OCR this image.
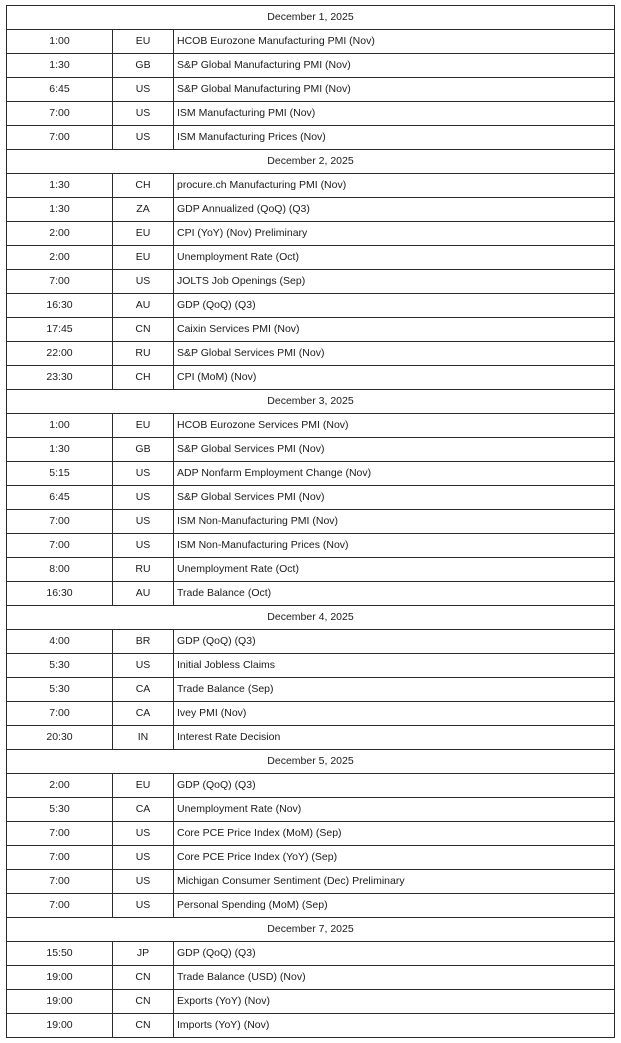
December 1, 2025		
1:00	EU	HCOB Eurozone Manufacturing PMI (Nov)
1:30	GB	S&P Global Manufacturing PMI (Nov)
6:45	US	S&P Global Manufacturing PMI (Nov)
7:00	US	ISM Manufacturing PMI (Nov)
7:00	US	ISM Manufacturing Prices (Nov)
December 2, 2025		
1:30	CH	procure.ch Manufacturing PMI (Nov)
1:30	ZA	GDP Annualized (QoQ) (Q3)
2:00	EU	CPI (YoY) (Nov) Preliminary
2:00	EU	Unemployment Rate (Oct)
7:00	US	JOLTS Job Openings (Sep)
16:30	AU	GDP (QoQ) (Q3)
17:45	CN	Caixin Services PMI (Nov)
22:00	RU	S&P Global Services PMI (Nov)
23:30	CH	CPI (MoM) (Nov)
December 3, 2025		
1:00	EU	HCOB Eurozone Services PMI (Nov)
1:30	GB	S&P Global Services PMI (Nov)
5:15	US	ADP Nonfarm Employment Change (Nov)
6:45	US	S&P Global Services PMI (Nov)
7:00	US	ISM Non-Manufacturing PMI (Nov)
7:00	US	ISM Non-Manufacturing Prices (Nov)
8:00	RU	Unemployment Rate (Oct)
16:30	AU	Trade Balance (Oct)
December 4, 2025		
4:00	BR	GDP (QoQ) (Q3)
5:30	US	Initial Jobless Claims
5:30	CA	Trade Balance (Sep)
7:00	CA	Ivey PMI (Nov)
20:30	IN	Interest Rate Decision
December 5, 2025		
2:00	EU	GDP (QoQ) (Q3)
5:30	CA	Unemployment Rate (Nov)
7:00	US	Core PCE Price Index (MoM) (Sep)
7:00	US	Core PCE Price Index (YoY) (Sep)
7:00	US	Michigan Consumer Sentiment (Dec) Preliminary
7:00	US	Personal Spending (MoM) (Sep)
December 7, 2025		
15:50	JP	GDP (QoQ) (Q3)
19:00	CN	Trade Balance (USD) (Nov)
19:00	CN	Exports (YoY) (Nov)
19:00	CN	Imports (YoY) (Nov)
